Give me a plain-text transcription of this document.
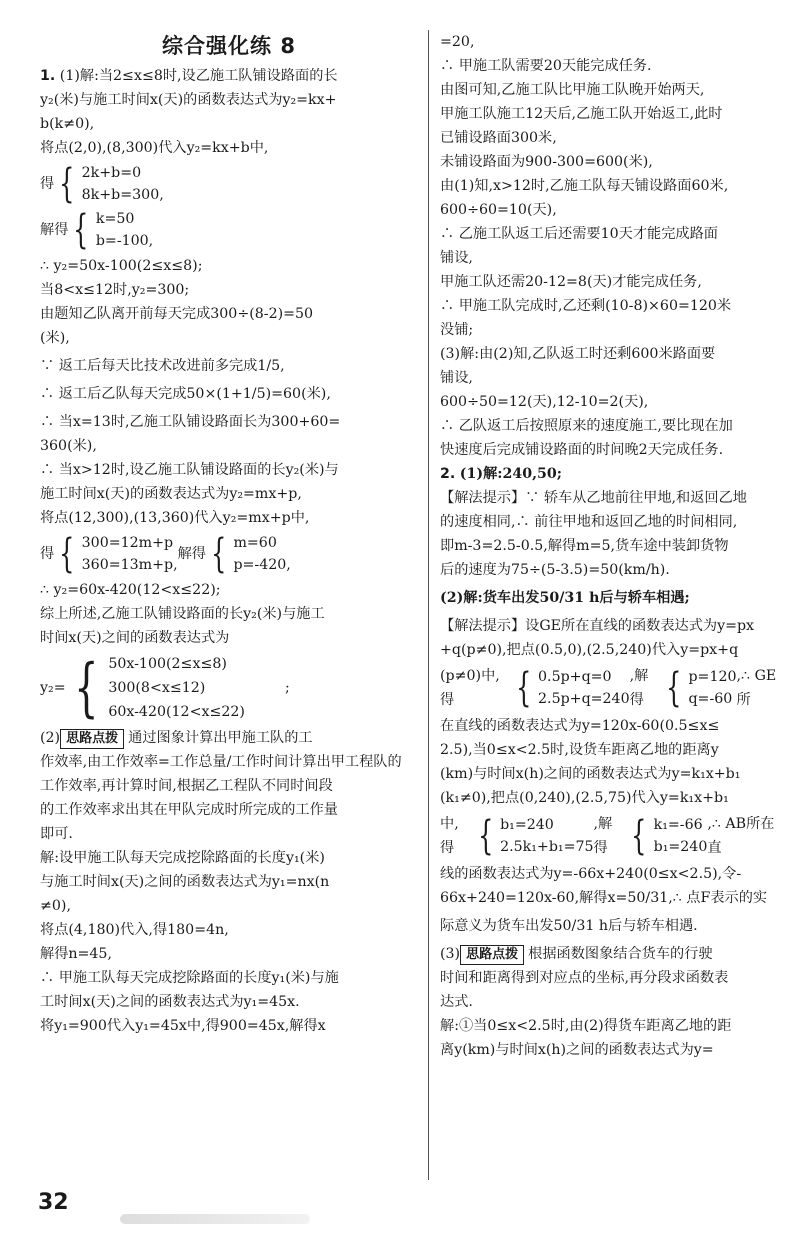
综合强化练 8

1. (1)解:当2≤x≤8时,设乙施工队铺设路面的长

y₂(米)与施工时间x(天)的函数表达式为y₂=kx+

b(k≠0),

将点(2,0),(8,300)代入y₂=kx+b中,

得 { 2k+b=0
8k+b=300,
解得 { k=50
b=-100,

∴ y₂=50x-100(2≤x≤8);

当8<x≤12时,y₂=300;

由题知乙队离开前每天完成300÷(8-2)=50

(米),

∵ 返工后每天比技术改进前多完成1/5,

∴ 返工后乙队每天完成50×(1+1/5)=60(米),

∴ 当x=13时,乙施工队铺设路面长为300+60=

360(米),

∴ 当x>12时,设乙施工队铺设路面的长y₂(米)与

施工时间x(天)的函数表达式为y₂=mx+p,

将点(12,300),(13,360)代入y₂=mx+p中,

得 { 300=12m+p
360=13m+p,
解得 { m=60
p=-420,

∴ y₂=60x-420(12<x≤22);

综上所述,乙施工队铺设路面的长y₂(米)与施工

时间x(天)之间的函数表达式为

y₂= { 50x-100(2≤x≤8)
300(8<x≤12)
60x-420(12<x≤22)
;

(2) 思路点拨 通过图象计算出甲施工队的工

作效率,由工作效率=工作总量/工作时间计算出甲工程队的

工作效率,再计算时间,根据乙工程队不同时间段

的工作效率求出其在甲队完成时所完成的工作量

即可.

解:设甲施工队每天完成挖除路面的长度y₁(米)

与施工时间x(天)之间的函数表达式为y₁=nx(n

≠0),

将点(4,180)代入,得180=4n,

解得n=45,

∴ 甲施工队每天完成挖除路面的长度y₁(米)与施

工时间x(天)之间的函数表达式为y₁=45x.

将y₁=900代入y₁=45x中,得900=45x,解得x

=20,

∴ 甲施工队需要20天能完成任务.

由图可知,乙施工队比甲施工队晚开始两天,

甲施工队施工12天后,乙施工队开始返工,此时

已铺设路面300米,

未铺设路面为900-300=600(米),

由(1)知,x>12时,乙施工队每天铺设路面60米,

600÷60=10(天),

∴ 乙施工队返工后还需要10天才能完成路面

铺设,

甲施工队还需20-12=8(天)才能完成任务,

∴ 甲施工队完成时,乙还剩(10-8)×60=120米

没铺;

(3)解:由(2)知,乙队返工时还剩600米路面要

铺设,

600÷50=12(天),12-10=2(天),

∴ 乙队返工后按照原来的速度施工,要比现在加

快速度后完成铺设路面的时间晚2天完成任务.

2. (1)解:240,50;

【解法提示】∵ 轿车从乙地前往甲地,和返回乙地

的速度相同,∴ 前往甲地和返回乙地的时间相同,

即m-3=2.5-0.5,解得m=5,货车途中装卸货物

后的速度为75÷(5-3.5)=50(km/h).

(2)解:货车出发50/31 h后与轿车相遇;

【解法提示】设GE所在直线的函数表达式为y=px

+q(p≠0),把点(0.5,0),(2.5,240)代入y=px+q

(p≠0)中,得	{ 0.5p+q=0
2.5p+q=240
,解得 { p=120
q=-60
,∴ GE所

在直线的函数表达式为y=120x-60(0.5≤x≤

2.5),当0≤x<2.5时,设货车距离乙地的距离y

(km)与时间x(h)之间的函数表达式为y=k₁x+b₁

(k₁≠0),把点(0,240),(2.5,75)代入y=k₁x+b₁

中,得 { b₁=240
2.5k₁+b₁=75
,解得 { k₁=-66
b₁=240
,∴ AB所在直

线的函数表达式为y=-66x+240(0≤x<2.5),令-

66x+240=120x-60,解得x=50/31,∴ 点F表示的实

际意义为货车出发50/31 h后与轿车相遇.

(3) 思路点拨 根据函数图象结合货车的行驶

时间和距离得到对应点的坐标,再分段求函数表

达式.

解:①当0≤x<2.5时,由(2)得货车距离乙地的距

离y(km)与时间x(h)之间的函数表达式为y=

32
